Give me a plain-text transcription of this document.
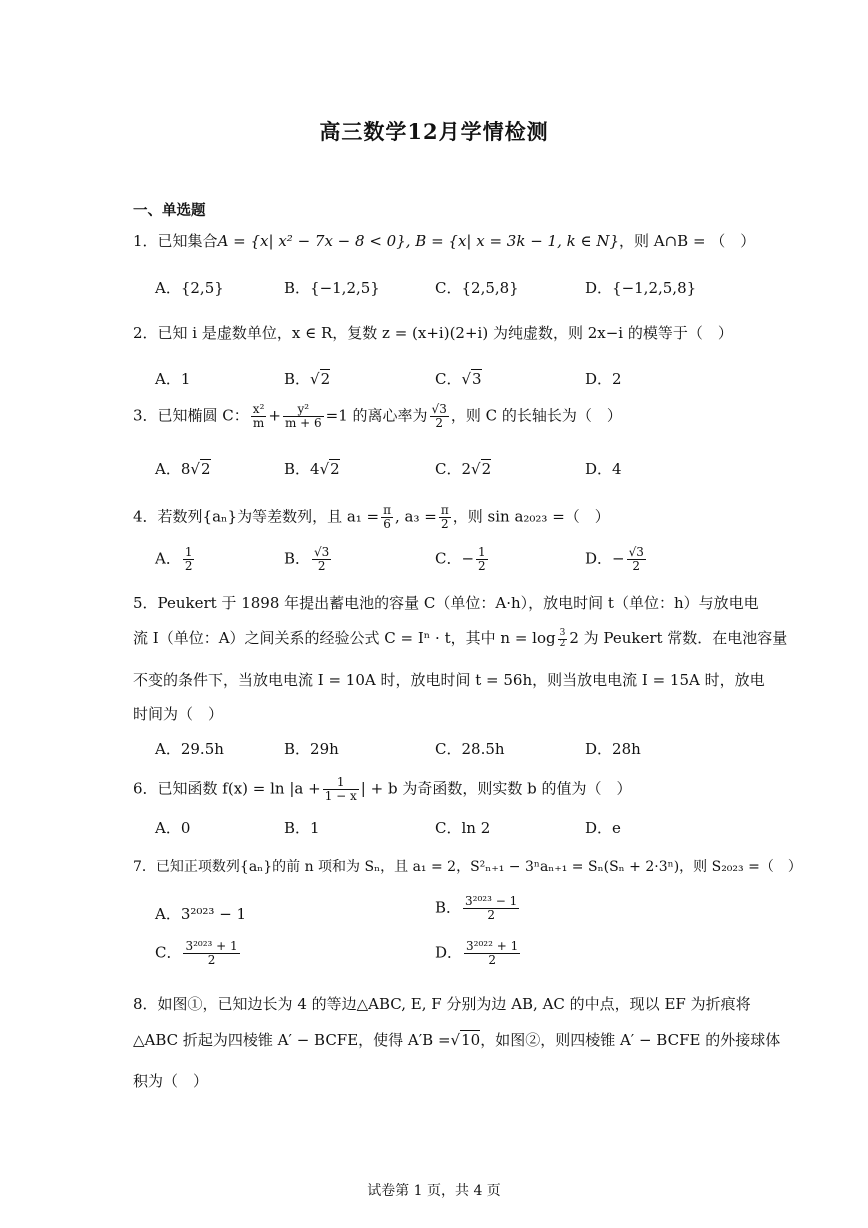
高三数学12月学情检测
一、单选题
1．已知集合A = {x| x² − 7x − 8 < 0}, B = {x| x = 3k − 1, k ∈ N}，则 A∩B = （　）
A．{2,5}	B．{−1,2,5}	C．{2,5,8}	D．{−1,2,5,8}
2．已知 i 是虚数单位，x ∈ R，复数 z = (x+i)(2+i) 为纯虚数，则 2x−i 的模等于（　）
A．1	B．√2	C．√3	D．2
3．已知椭圆 C： $\frac{\text{x²}}{m} + \frac{\text{y²}}{m + 6} =1$ 的离心率为 $\frac{√3}{2}$ ，则 C 的长轴长为（　）
A．8√2	B．4√2	C．2√2	D．4
4．若数列{aₙ}为等差数列，且 $a_1 = \frac{\pi}{6}$ , $a_3 = \frac{\pi}{2}$ ，则 sin a₂₀₂₃ =（　）
A． $\frac{1}{2}$	B． $\frac{√3}{2}$	C．− $\frac{1}{2}$	D．− $\frac{√3}{2}$
5．Peukert 于 1898 年提出蓄电池的容量 C（单位：A·h），放电时间 t（单位：h）与放电电
流 I（单位：A）之间关系的经验公式 C = Iⁿ · t，其中 $n = \log \frac{3}{2} 2$ 为 Peukert 常数．在电池容量
不变的条件下，当放电电流 I = 10A 时，放电时间 t = 56h，则当放电电流 I = 15A 时，放电
时间为（　）
A．29.5h	B．29h	C．28.5h	D．28h
6．已知函数 $f(x) = \ln |a + \frac{1}{1 - x}$ | + b 为奇函数，则实数 b 的值为（　）
A．0	B．1	C．ln 2	D．e
7．已知正项数列{aₙ}的前 n 项和为 Sₙ，且 a₁ = 2，S²ₙ₊₁ − 3ⁿaₙ₊₁ = Sₙ(Sₙ + 2·3ⁿ)，则 S₂₀₂₃ =（　）
A．3²⁰²³ − 1	B． $\frac{\text{3²⁰²³ − 1}}{2}$
C． $\frac{\text{3²⁰²³ + 1}}{2}$	D． $\frac{\text{3²⁰²² + 1}}{2}$
8．如图①，已知边长为 4 的等边△ABC, E, F 分别为边 AB, AC 的中点，现以 EF 为折痕将
△ABC 折起为四棱锥 A′ − BCFE，使得 A′B =√10，如图②，则四棱锥 A′ − BCFE 的外接球体
积为（　）
试卷第 1 页，共 4 页
